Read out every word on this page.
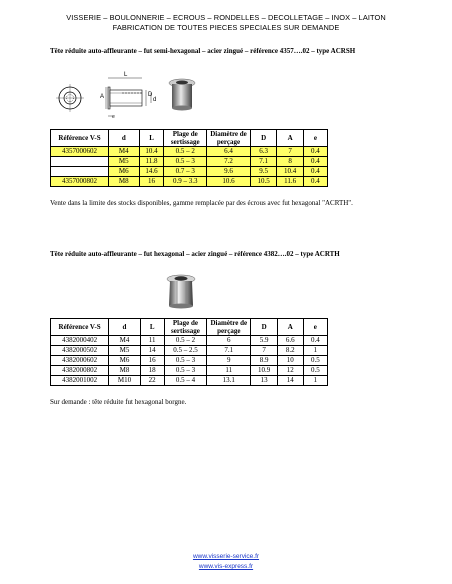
VISSERIE – BOULONNERIE – ECROUS – RONDELLES – DECOLLETAGE – INOX – LAITON
FABRICATION DE TOUTES PIECES SPECIALES SUR DEMANDE
Tête réduite auto-affleurante – fut semi-hexagonal – acier zingué – référence 4357….02 – type ACRSH
L
A	D
d
e
Référence V-S	d	L	Plage de sertissage	Diamètre de perçage	D	A	e
4357000602	M4	10.4	0.5 – 2	6.4	6.3	7	0.4
	M5	11.8	0.5 – 3	7.2	7.1	8	0.4
	M6	14.6	0.7 – 3	9.6	9.5	10.4	0.4
4357000802	M8	16	0.9 – 3.3	10.6	10.5	11.6	0.4
Vente dans la limite des stocks disponibles, gamme remplacée par des écrous avec fut hexagonal "ACRTH".
Tête réduite auto-affleurante – fut hexagonal – acier zingué – référence 4382….02 – type ACRTH
Référence V-S	d	L	Plage de sertissage	Diamètre de perçage	D	A	e
4382000402	M4	11	0.5 – 2	6	5.9	6.6	0.4
4382000502	M5	14	0.5 – 2.5	7.1	7	8.2	1
4382000602	M6	16	0.5 – 3	9	8.9	10	0.5
4382000802	M8	18	0.5 – 3	11	10.9	12	0.5
4382001002	M10	22	0.5 – 4	13.1	13	14	1
Sur demande : tête réduite fut hexagonal borgne.
www.visserie-service.fr
www.vis-express.fr
